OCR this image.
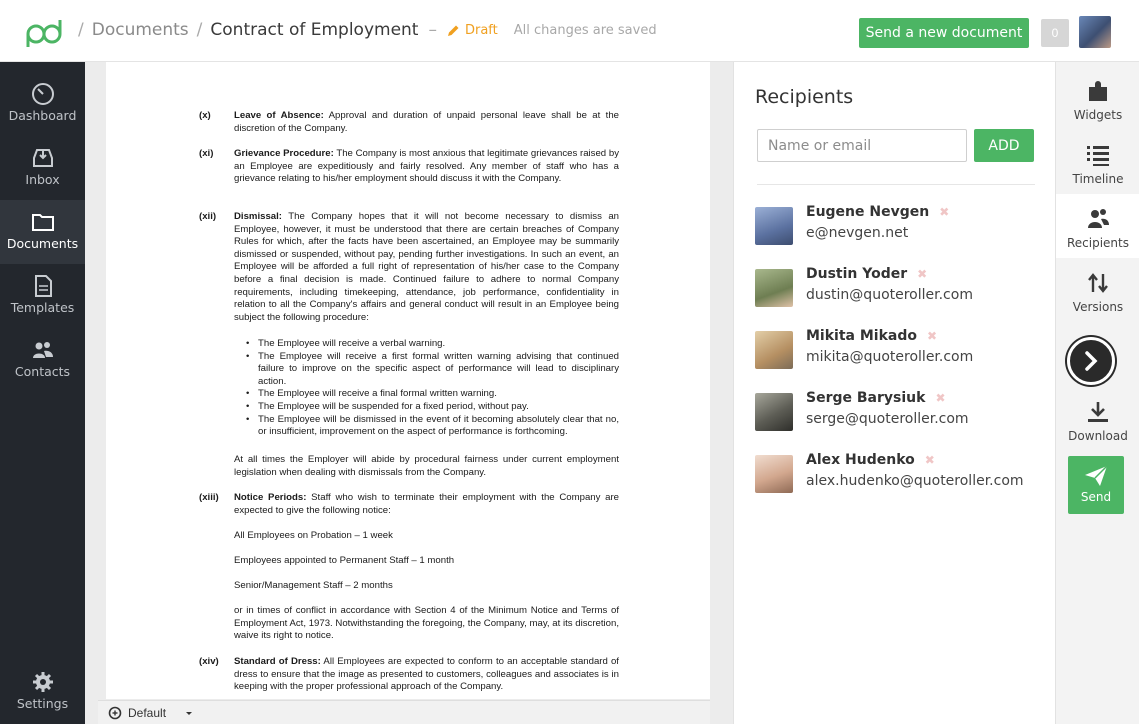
/ Documents / Contract of Employment – Draft All changes are saved	Send a new document	0
Dashboard
Inbox
Documents
Templates
Contacts
Settings
(x) Leave of Absence: Approval and duration of unpaid personal leave shall be at the discretion of the Company.
(xi) Grievance Procedure: The Company is most anxious that legitimate grievances raised by an Employee are expeditiously and fairly resolved. Any member of staff who has a grievance relating to his/her employment should discuss it with the Company.
(xii) Dismissal: The Company hopes that it will not become necessary to dismiss an Employee, however, it must be understood that there are certain breaches of Company Rules for which, after the facts have been ascertained, an Employee may be summarily dismissed or suspended, without pay, pending further investigations. In such an event, an Employee will be afforded a full right of representation of his/her case to the Company before a final decision is made. Continued failure to adhere to normal Company requirements, including timekeeping, attendance, job performance, confidentiality in relation to all the Company's affairs and general conduct will result in an Employee being subject the following procedure:
• The Employee will receive a verbal warning.
• The Employee will receive a first formal written warning advising that continued failure to improve on the specific aspect of performance will lead to disciplinary action.
• The Employee will receive a final formal written warning.
• The Employee will be suspended for a fixed period, without pay.
• The Employee will be dismissed in the event of it becoming absolutely clear that no, or insufficient, improvement on the aspect of performance is forthcoming.
At all times the Employer will abide by procedural fairness under current employment legislation when dealing with dismissals from the Company.
(xiii) Notice Periods: Staff who wish to terminate their employment with the Company are expected to give the following notice:
All Employees on Probation – 1 week
Employees appointed to Permanent Staff – 1 month
Senior/Management Staff – 2 months
or in times of conflict in accordance with Section 4 of the Minimum Notice and Terms of Employment Act, 1973. Notwithstanding the foregoing, the Company, may, at its discretion, waive its right to notice.
(xiv) Standard of Dress: All Employees are expected to conform to an acceptable standard of dress to ensure that the image as presented to customers, colleagues and associates is in keeping with the proper professional approach of the Company.
Default
Recipients
Name or email
ADD
Eugene Nevgen ✖
e@nevgen.net
Dustin Yoder ✖
dustin@quoteroller.com
Mikita Mikado ✖
mikita@quoteroller.com
Serge Barysiuk ✖
serge@quoteroller.com
Alex Hudenko ✖
alex.hudenko@quoteroller.com
Widgets
Timeline
Recipients
Versions
Download
Send
